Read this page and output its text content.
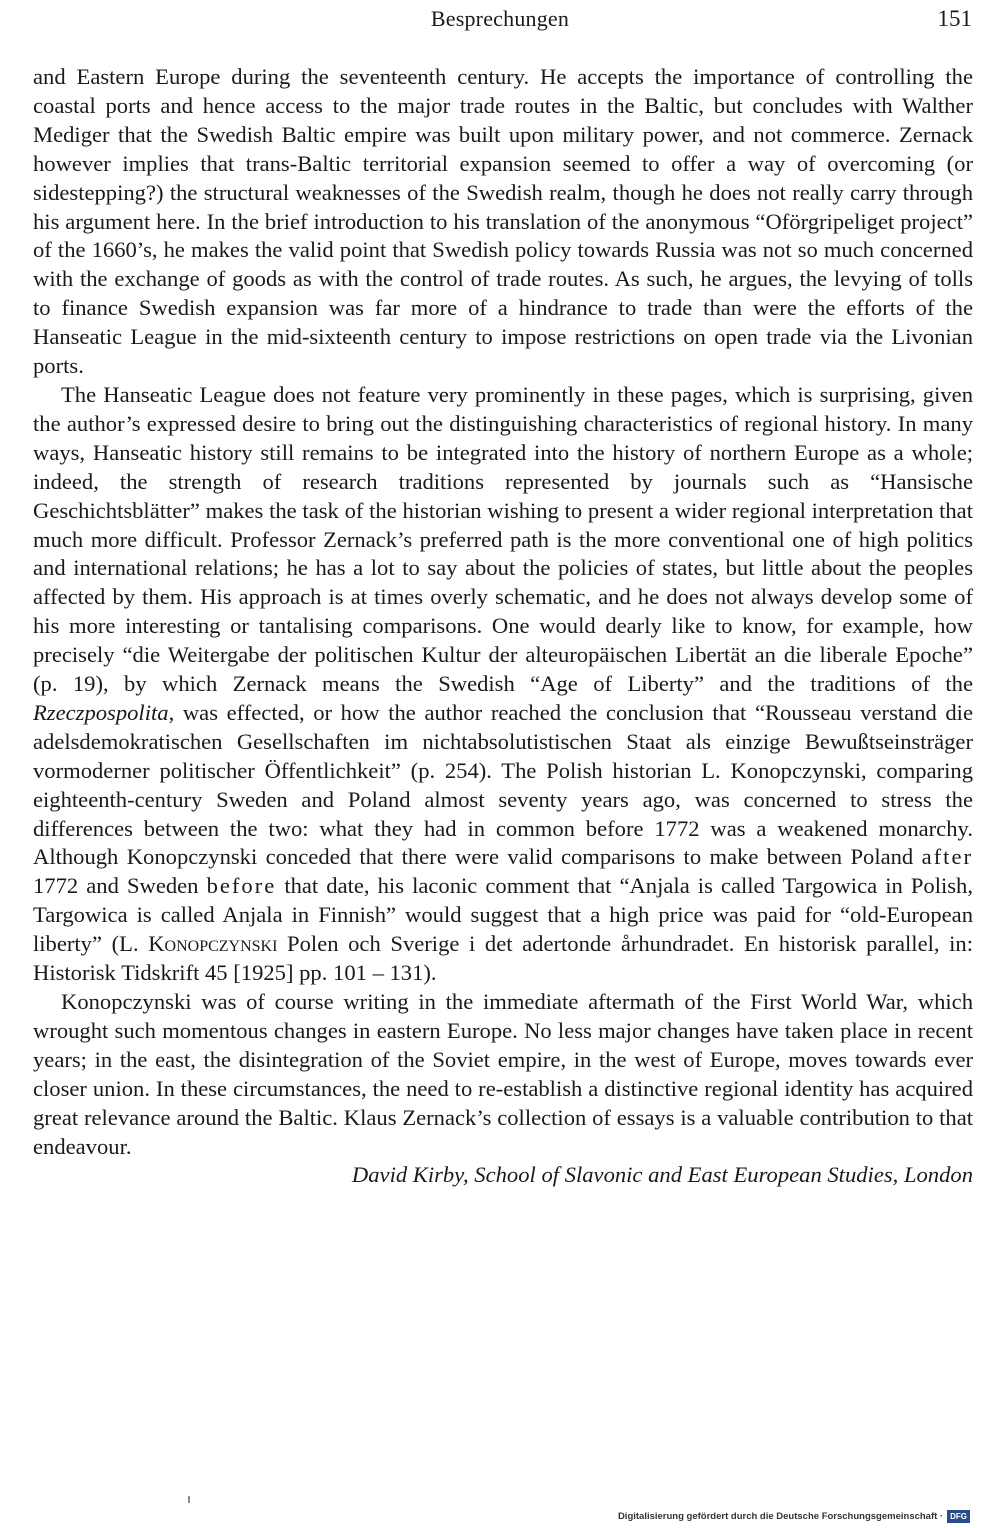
Besprechungen	151

and Eastern Europe during the seventeenth century. He accepts the importance of controlling the coastal ports and hence access to the major trade routes in the Baltic, but concludes with Walther Mediger that the Swedish Baltic empire was built upon military power, and not commerce. Zernack however implies that trans-Baltic territorial expansion seemed to offer a way of overcoming (or sidestepping?) the structural weaknesses of the Swedish realm, though he does not really carry through his argument here. In the brief introduction to his translation of the anonymous “Oförgripeliget project” of the 1660’s, he makes the valid point that Swedish policy towards Russia was not so much concerned with the exchange of goods as with the control of trade routes. As such, he argues, the levying of tolls to finance Swedish expansion was far more of a hindrance to trade than were the efforts of the Hanseatic League in the mid-sixteenth century to impose restrictions on open trade via the Livonian ports.

The Hanseatic League does not feature very prominently in these pages, which is surprising, given the author’s expressed desire to bring out the distinguishing characteristics of regional history. In many ways, Hanseatic history still remains to be integrated into the history of northern Europe as a whole; indeed, the strength of research traditions represented by journals such as “Hansische Geschichtsblätter” makes the task of the historian wishing to present a wider regional interpretation that much more difficult. Professor Zernack’s preferred path is the more conventional one of high politics and international relations; he has a lot to say about the policies of states, but little about the peoples affected by them. His approach is at times overly schematic, and he does not always develop some of his more interesting or tantalising comparisons. One would dearly like to know, for example, how precisely “die Weitergabe der politischen Kultur der alteuropäischen Libertät an die liberale Epoche” (p. 19), by which Zernack means the Swedish “Age of Liberty” and the traditions of the Rzeczpospolita, was effected, or how the author reached the conclusion that “Rousseau verstand die adelsdemokratischen Gesellschaften im nichtabsolutistischen Staat als einzige Bewußtseinsträger vormoderner politischer Öffentlichkeit” (p. 254). The Polish historian L. Konopczynski, comparing eighteenth-century Sweden and Poland almost seventy years ago, was concerned to stress the differences between the two: what they had in common before 1772 was a weakened monarchy. Although Konopczynski conceded that there were valid comparisons to make between Poland after 1772 and Sweden before that date, his laconic comment that “Anjala is called Targowica in Polish, Targowica is called Anjala in Finnish” would suggest that a high price was paid for “old-European liberty” (L. Konopczynski Polen och Sverige i det adertonde århundradet. En historisk parallel, in: Historisk Tidskrift 45 [1925] pp. 101 – 131).

Konopczynski was of course writing in the immediate aftermath of the First World War, which wrought such momentous changes in eastern Europe. No less major changes have taken place in recent years; in the east, the disintegration of the Soviet empire, in the west of Europe, moves towards ever closer union. In these circumstances, the need to re-establish a distinctive regional identity has acquired great relevance around the Baltic. Klaus Zernack’s collection of essays is a valuable contribution to that endeavour.

David Kirby, School of Slavonic and East European Studies, London

Digitalisierung gefördert durch die Deutsche Forschungsgemeinschaft · DFG
